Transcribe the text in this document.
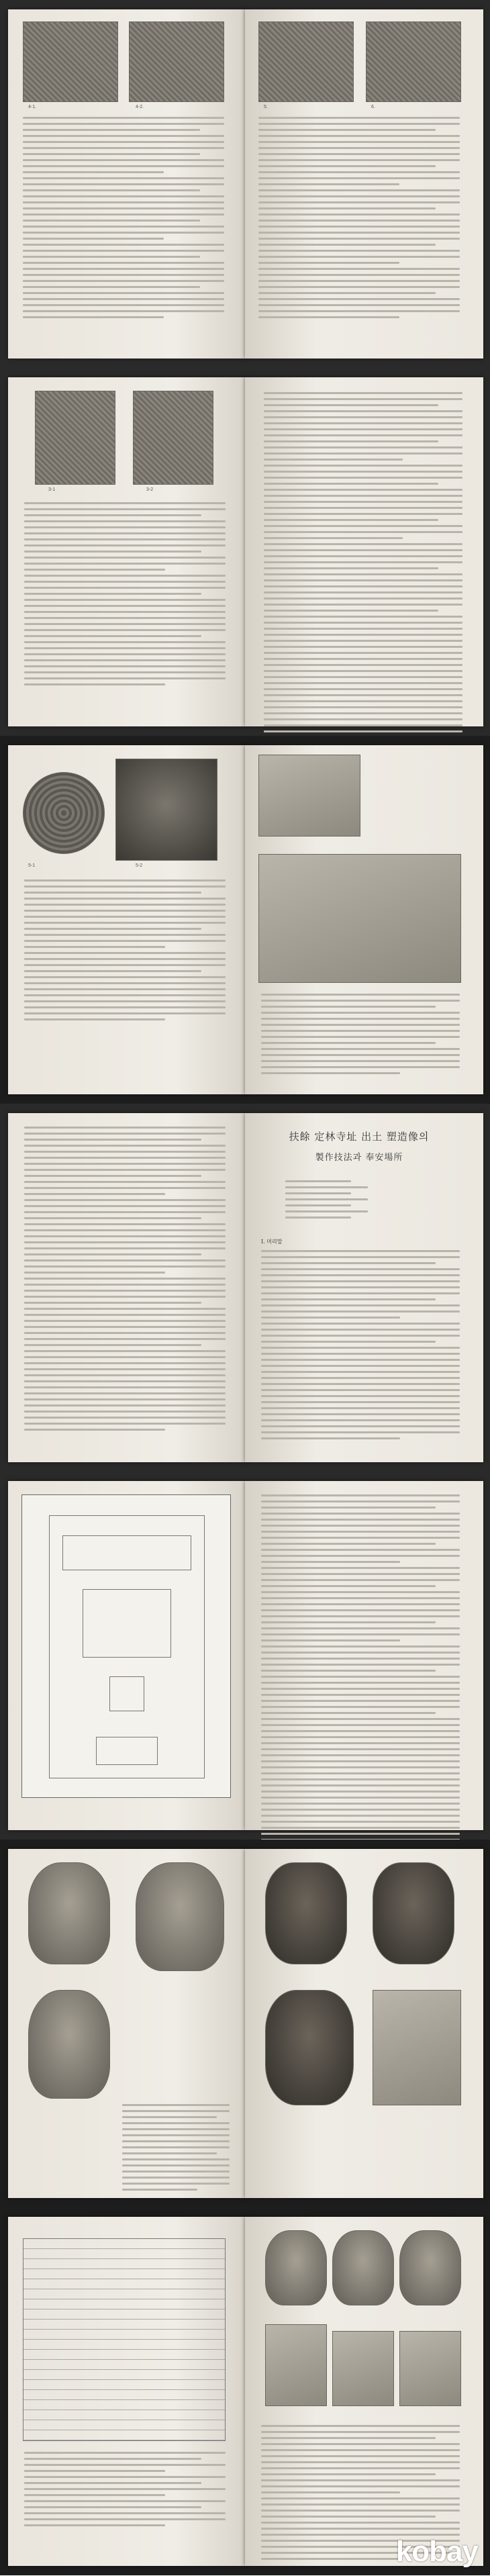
4-1.	4-2.	5.	6.
3-1	3-2
5-1	5-2
扶餘 定林寺址 出土 塑造像의
製作技法과 奉安場所
I. 머리말
kobay
